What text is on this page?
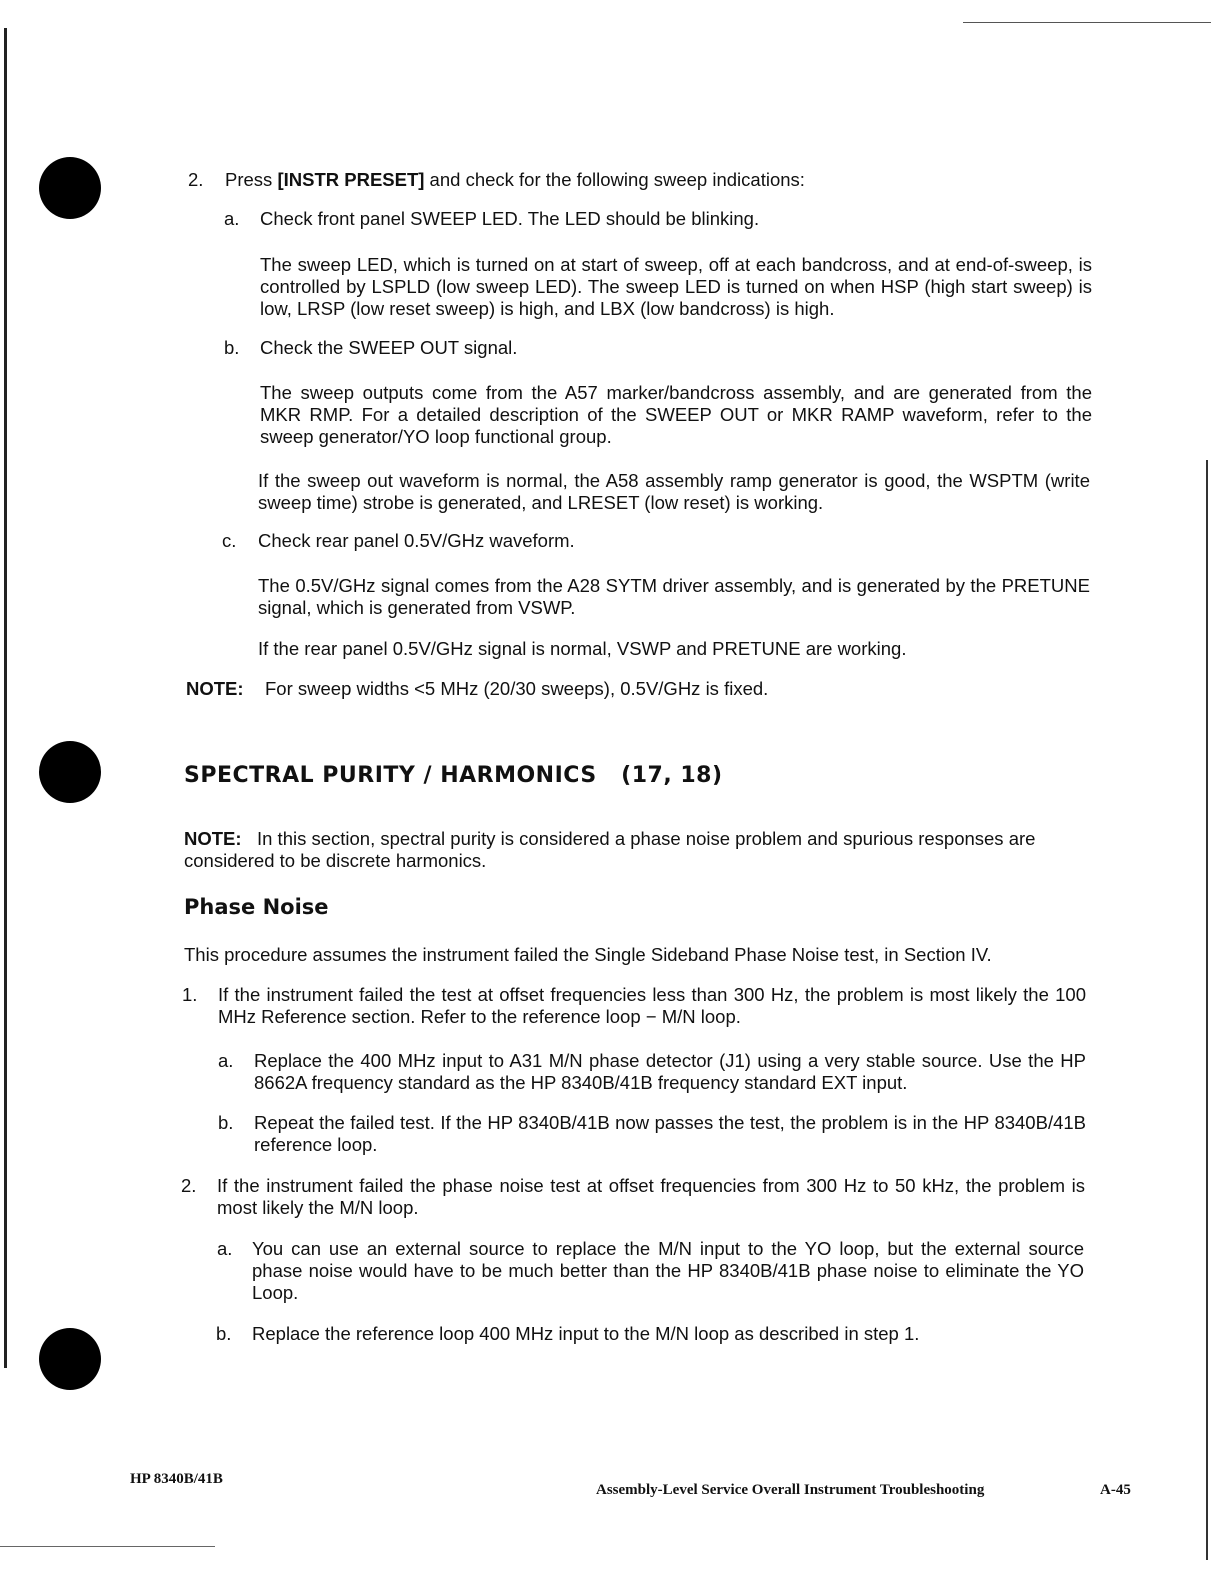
2. Press [INSTR PRESET] and check for the following sweep indications:

a. Check front panel SWEEP LED. The LED should be blinking.

The sweep LED, which is turned on at start of sweep, off at each bandcross, and at end-of-sweep, is controlled by LSPLD (low sweep LED). The sweep LED is turned on when HSP (high start sweep) is low, LRSP (low reset sweep) is high, and LBX (low bandcross) is high.

b. Check the SWEEP OUT signal.

The sweep outputs come from the A57 marker/bandcross assembly, and are generated from the MKR RMP. For a detailed description of the SWEEP OUT or MKR RAMP waveform, refer to the sweep generator/YO loop functional group.

If the sweep out waveform is normal, the A58 assembly ramp generator is good, the WSPTM (write sweep time) strobe is generated, and LRESET (low reset) is working.

c. Check rear panel 0.5V/GHz waveform.

The 0.5V/GHz signal comes from the A28 SYTM driver assembly, and is generated by the PRETUNE signal, which is generated from VSWP.

If the rear panel 0.5V/GHz signal is normal, VSWP and PRETUNE are working.

NOTE: For sweep widths <5 MHz (20/30 sweeps), 0.5V/GHz is fixed.

SPECTRAL PURITY / HARMONICS (17, 18)

NOTE: In this section, spectral purity is considered a phase noise problem and spurious responses are considered to be discrete harmonics.

Phase Noise

This procedure assumes the instrument failed the Single Sideband Phase Noise test, in Section IV.

1. If the instrument failed the test at offset frequencies less than 300 Hz, the problem is most likely the 100 MHz Reference section. Refer to the reference loop − M/N loop.

a. Replace the 400 MHz input to A31 M/N phase detector (J1) using a very stable source. Use the HP 8662A frequency standard as the HP 8340B/41B frequency standard EXT input.

b. Repeat the failed test. If the HP 8340B/41B now passes the test, the problem is in the HP 8340B/41B reference loop.

2. If the instrument failed the phase noise test at offset frequencies from 300 Hz to 50 kHz, the problem is most likely the M/N loop.

a. You can use an external source to replace the M/N input to the YO loop, but the external source phase noise would have to be much better than the HP 8340B/41B phase noise to eliminate the YO Loop.

b. Replace the reference loop 400 MHz input to the M/N loop as described in step 1.

HP 8340B/41B
Assembly-Level Service Overall Instrument Troubleshooting	A-45
